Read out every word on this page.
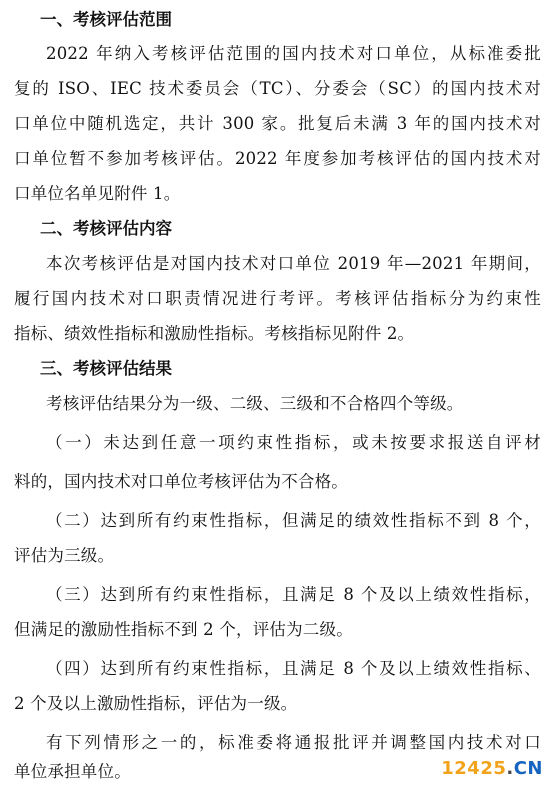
一、考核评估范围
2022 年纳入考核评估范围的国内技术对口单位，从标准委批
复的 ISO、IEC 技术委员会（TC）、分委会（SC）的国内技术对
口单位中随机选定，共计 300 家。批复后未满 3 年的国内技术对
口单位暂不参加考核评估。2022 年度参加考核评估的国内技术对
口单位名单见附件 1。
二、考核评估内容
本次考核评估是对国内技术对口单位 2019 年—2021 年期间，
履行国内技术对口职责情况进行考评。考核评估指标分为约束性
指标、绩效性指标和激励性指标。考核指标见附件 2。
三、考核评估结果
考核评估结果分为一级、二级、三级和不合格四个等级。
（一）未达到任意一项约束性指标，或未按要求报送自评材
料的，国内技术对口单位考核评估为不合格。
（二）达到所有约束性指标，但满足的绩效性指标不到 8 个，
评估为三级。
（三）达到所有约束性指标，且满足 8 个及以上绩效性指标，
但满足的激励性指标不到 2 个，评估为二级。
（四）达到所有约束性指标，且满足 8 个及以上绩效性指标、
2 个及以上激励性指标，评估为一级。
有下列情形之一的，标准委将通报批评并调整国内技术对口
单位承担单位。	12425.CN
